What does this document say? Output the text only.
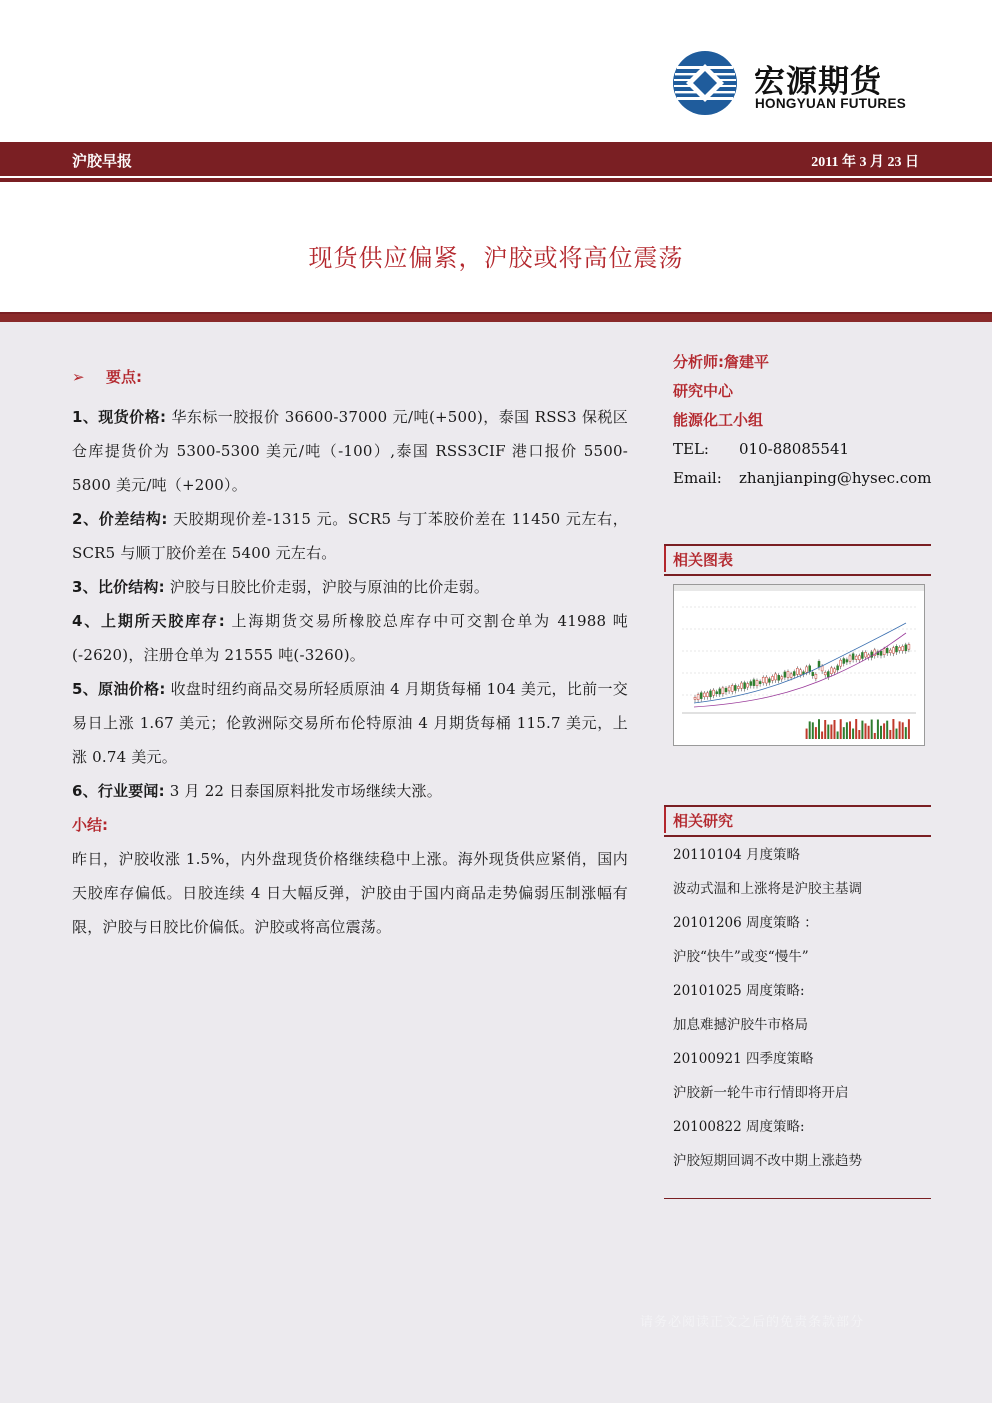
宏源期货
HONGYUAN FUTURES
沪胶早报	2011 年 3 月 23 日
现货供应偏紧，沪胶或将高位震荡
➢ 要点:
1、现货价格: 华东标一胶报价 36600-37000 元/吨(+500)，泰国 RSS3 保税区仓库提货价为 5300-5300 美元/吨（-100）,泰国 RSS3CIF 港口报价 5500-5800 美元/吨（+200）。
2、价差结构: 天胶期现价差-1315 元。SCR5 与丁苯胶价差在 11450 元左右，SCR5 与顺丁胶价差在 5400 元左右。
3、比价结构: 沪胶与日胶比价走弱，沪胶与原油的比价走弱。
4、上期所天胶库存: 上海期货交易所橡胶总库存中可交割仓单为 41988 吨(-2620)，注册仓单为 21555 吨(-3260)。
5、原油价格: 收盘时纽约商品交易所轻质原油 4 月期货每桶 104 美元，比前一交易日上涨 1.67 美元；伦敦洲际交易所布伦特原油 4 月期货每桶 115.7 美元，上涨 0.74 美元。
6、行业要闻: 3 月 22 日泰国原料批发市场继续大涨。
小结:
昨日，沪胶收涨 1.5%，内外盘现货价格继续稳中上涨。海外现货供应紧俏，国内天胶库存偏低。日胶连续 4 日大幅反弹，沪胶由于国内商品走势偏弱压制涨幅有限，沪胶与日胶比价偏低。沪胶或将高位震荡。
分析师:詹建平
研究中心
能源化工小组
TEL: 010-88085541
Email: zhanjianping@hysec.com
相关图表
相关研究
20110104 月度策略
波动式温和上涨将是沪胶主基调
20101206 周度策略 ：
沪胶“快牛”或变“慢牛”
20101025 周度策略:
加息难撼沪胶牛市格局
20100921 四季度策略
沪胶新一轮牛市行情即将开启
20100822 周度策略:
沪胶短期回调不改中期上涨趋势
请务必阅读正文之后的免责条款部分
